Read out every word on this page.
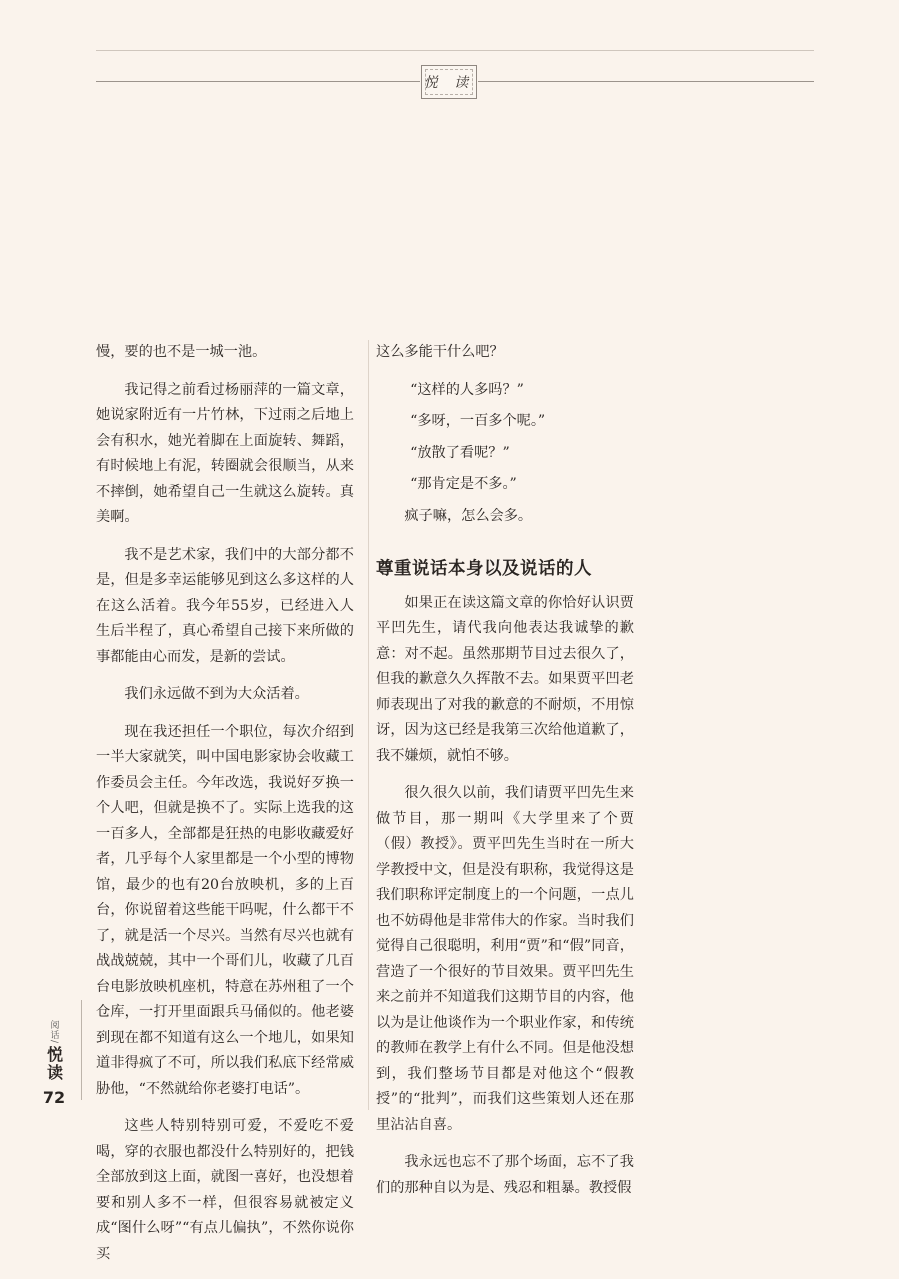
悦 读
阅话/
悦读
72

慢，要的也不是一城一池。

我记得之前看过杨丽萍的一篇文章，她说家附近有一片竹林，下过雨之后地上会有积水，她光着脚在上面旋转、舞蹈，有时候地上有泥，转圈就会很顺当，从来不摔倒，她希望自己一生就这么旋转。真美啊。

我不是艺术家，我们中的大部分都不是，但是多幸运能够见到这么多这样的人在这么活着。我今年55岁，已经进入人生后半程了，真心希望自己接下来所做的事都能由心而发，是新的尝试。

我们永远做不到为大众活着。

现在我还担任一个职位，每次介绍到一半大家就笑，叫中国电影家协会收藏工作委员会主任。今年改选，我说好歹换一个人吧，但就是换不了。实际上选我的这一百多人，全部都是狂热的电影收藏爱好者，几乎每个人家里都是一个小型的博物馆，最少的也有20台放映机，多的上百台，你说留着这些能干吗呢，什么都干不了，就是活一个尽兴。当然有尽兴也就有战战兢兢，其中一个哥们儿，收藏了几百台电影放映机座机，特意在苏州租了一个仓库，一打开里面跟兵马俑似的。他老婆到现在都不知道有这么一个地儿，如果知道非得疯了不可，所以我们私底下经常威胁他，“不然就给你老婆打电话”。

这些人特别特别可爱，不爱吃不爱喝，穿的衣服也都没什么特别好的，把钱全部放到这上面，就图一喜好，也没想着要和别人多不一样，但很容易就被定义成“图什么呀”“有点儿偏执”，不然你说你买

这么多能干什么吧？

“这样的人多吗？”

“多呀，一百多个呢。”

“放散了看呢？”

“那肯定是不多。”

疯子嘛，怎么会多。

尊重说话本身以及说话的人

如果正在读这篇文章的你恰好认识贾平凹先生，请代我向他表达我诚挚的歉意：对不起。虽然那期节目过去很久了，但我的歉意久久挥散不去。如果贾平凹老师表现出了对我的歉意的不耐烦，不用惊讶，因为这已经是我第三次给他道歉了，我不嫌烦，就怕不够。

很久很久以前，我们请贾平凹先生来做节目，那一期叫《大学里来了个贾（假）教授》。贾平凹先生当时在一所大学教授中文，但是没有职称，我觉得这是我们职称评定制度上的一个问题，一点儿也不妨碍他是非常伟大的作家。当时我们觉得自己很聪明，利用“贾”和“假”同音，营造了一个很好的节目效果。贾平凹先生来之前并不知道我们这期节目的内容，他以为是让他谈作为一个职业作家，和传统的教师在教学上有什么不同。但是他没想到，我们整场节目都是对他这个“假教授”的“批判”，而我们这些策划人还在那里沾沾自喜。

我永远也忘不了那个场面，忘不了我们的那种自以为是、残忍和粗暴。教授假
